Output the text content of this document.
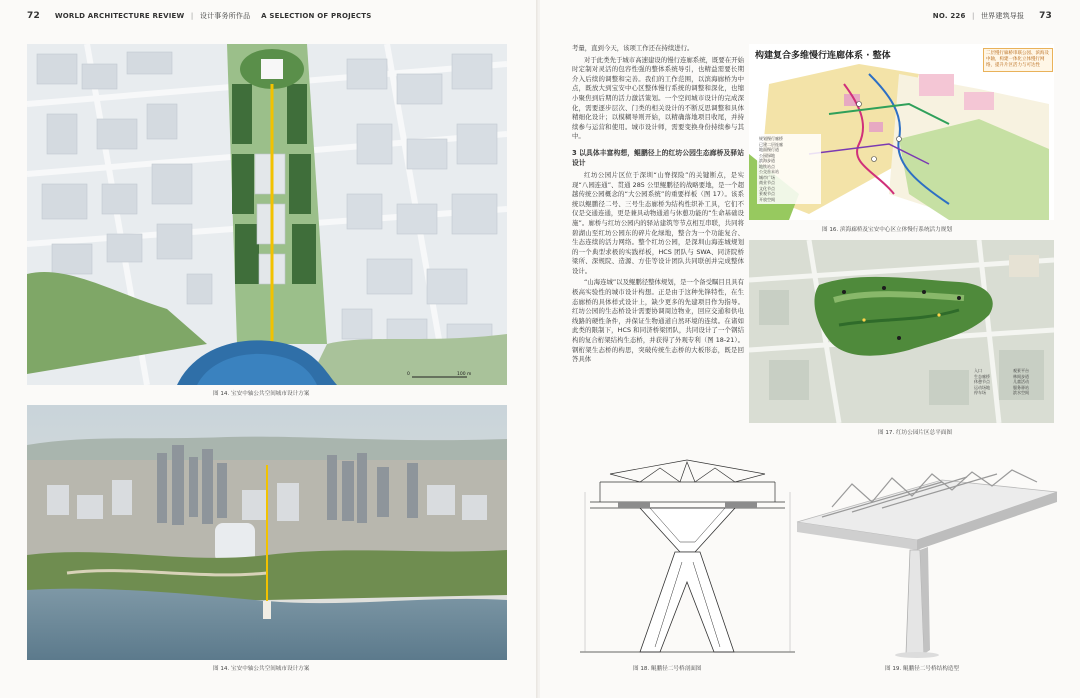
72 WORLD ARCHITECTURE REVIEW | 设计事务所作品 A SELECTION OF PROJECTS
0	100 m
图 14. 宝安中轴公共空间城市设计方案
图 14. 宝安中轴公共空间城市设计方案
NO. 226 | 世界建筑导报 73

考量，直到今天，该项工作还在持续进行。

对于此类先于城市高速建设的慢行连廊系统，既要在开始时定制对灵活的包容性强的整体系统导引，也精益需要长期介入后续的调整和完善。我们的工作范围，以滨海廊桥为中点，既放大到宝安中心区整体慢行系统的调整和深化，也缩小聚焦到后期的活力激活策划。一个空间城市设计的完成深化，需要逐步层次、门类的相关设计的不断反思调整和具体精细化设计；以模糊导则开始，以精确落地项目收尾，并持续参与运营和使用。城市设计师，需要变换身份持续参与其中。

3 以具体丰富构想，鲲鹏径上的红坊公园生态廊桥及驿站设计

红坊公园片区位于深圳“山脊探险”的关键断点，是实现“八园连通”、贯通 285 公里鲲鹏径的战略要地，是一个超越传统公园概念的“大公园系统”的重要样板（图 17）。该系统以鲲鹏径二号、三号生态廊桥为结构性织补工具，它们不仅是交通连通，更是兼具动物通道与休憩功能的“生命基础设施”。廊桥与红坊公园内的驿站建筑等节点相互串联，共同将碧湖山至红坊公园东的碎片化绿地，整合为一个功能复合、生态连续的活力网络。整个红坊公园，是深圳山海连城规划的一个典型求极的实践样板，HCS 团队与 SWA、同济院桥梁所、深规院、造源、方佳等设计团队共同联创并完成整体设计。

“山海连城”以及鲲鹏径整体规划，是一个备受瞩目且具有极高实验性的城市设计构想。正是由于这种先锋特性，在生态廊桥的具体样式设计上，缺少更多的先建项目作为指导。红坊公园的生态桥设计需要协调周边物业，回应交通和供电线路的硬性条件，并保证生物通道自然环境的连续。在诸如此类的限制下，HCS 和同济桥梁团队，共同设计了一个钢结构的复合桁架结构生态桥，并获得了外观专利（图 18-21）。钢桁架生态桥的构思，突破传统生态桥的大板形态，既是回答具体

构建复合多维慢行连廊体系 · 整体	二层慢行廊桥串联公园、滨海及中轴，构建一体化立体慢行网络，提升片区活力与可达性
规划慢行廊桥
已建二层连廊
地面慢行道
公园绿地
滨海步道
地铁站点
公交首末站
城市广场
商业节点
文化节点
景观节点
开放空间
图 16. 滨海廊桥及宝安中心区立体慢行系统活力规划
入口	观景平台
生态廊桥	林间步道
休憩节点	儿童活动
运动场地	服务驿站
停车场	滨水空间
图 17. 红坊公园片区总平面图
图 18. 鲲鹏径二号桥剖面图	图 19. 鲲鹏径二号桥结构造型
